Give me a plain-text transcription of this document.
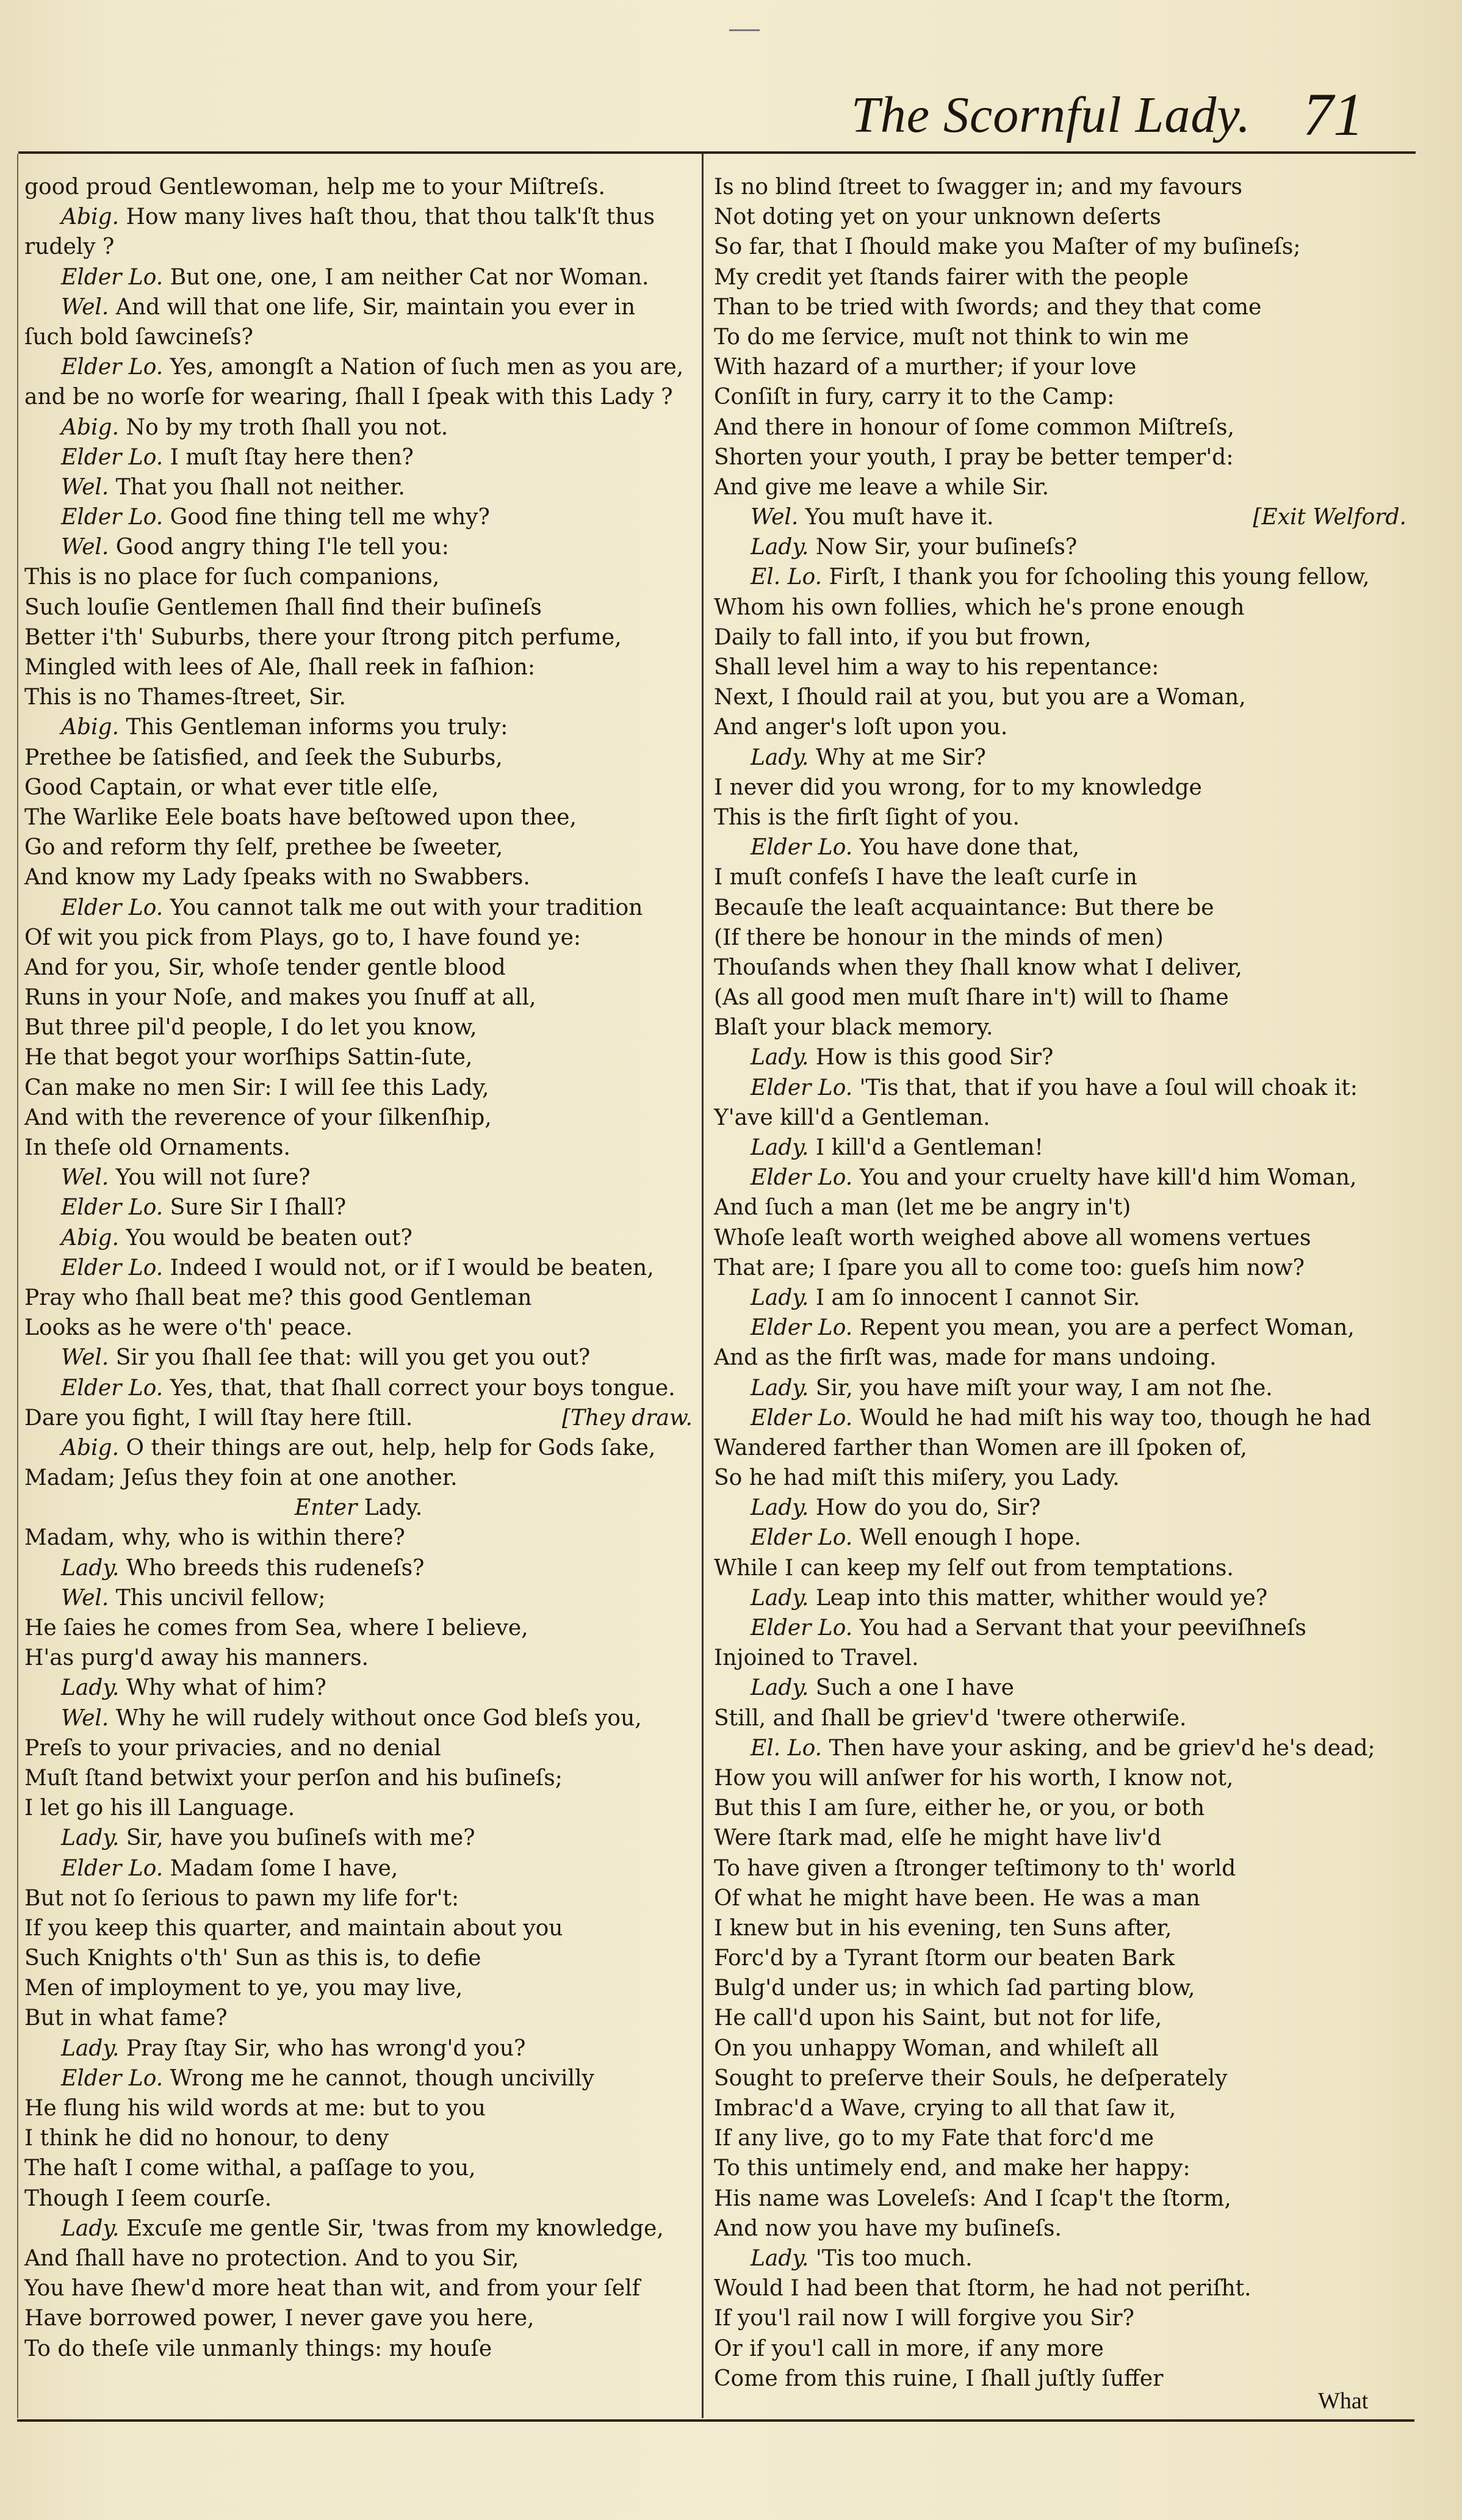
The Scornful Lady. 71
good proud Gentlewoman, help me to your Miſtreſs.
Abig. How many lives haſt thou, that thou talk'ſt thus
rudely ?
Elder Lo. But one, one, I am neither Cat nor Woman.
Wel. And will that one life, Sir, maintain you ever in
ſuch bold ſawcineſs?
Elder Lo. Yes, amongſt a Nation of ſuch men as you are,
and be no worſe for wearing, ſhall I ſpeak with this Lady ?
Abig. No by my troth ſhall you not.
Elder Lo. I muſt ſtay here then?
Wel. That you ſhall not neither.
Elder Lo. Good fine thing tell me why?
Wel. Good angry thing I'le tell you:
This is no place for ſuch companions,
Such louſie Gentlemen ſhall find their buſineſs
Better i'th' Suburbs, there your ſtrong pitch perfume,
Mingled with lees of Ale, ſhall reek in faſhion:
This is no Thames-ſtreet, Sir.
Abig. This Gentleman informs you truly:
Prethee be ſatisfied, and ſeek the Suburbs,
Good Captain, or what ever title elſe,
The Warlike Eele boats have beſtowed upon thee,
Go and reform thy ſelf, prethee be ſweeter,
And know my Lady ſpeaks with no Swabbers.
Elder Lo. You cannot talk me out with your tradition
Of wit you pick from Plays, go to, I have found ye:
And for you, Sir, whoſe tender gentle blood
Runs in your Noſe, and makes you ſnuff at all,
But three pil'd people, I do let you know,
He that begot your worſhips Sattin-ſute,
Can make no men Sir: I will ſee this Lady,
And with the reverence of your ſilkenſhip,
In theſe old Ornaments.
Wel. You will not ſure?
Elder Lo. Sure Sir I ſhall?
Abig. You would be beaten out?
Elder Lo. Indeed I would not, or if I would be beaten,
Pray who ſhall beat me? this good Gentleman
Looks as he were o'th' peace.
Wel. Sir you ſhall ſee that: will you get you out?
Elder Lo. Yes, that, that ſhall correct your boys tongue.
Dare you fight, I will ſtay here ſtill.	[They draw.
Abig. O their things are out, help, help for Gods ſake,
Madam; Jeſus they foin at one another.
Enter Lady.
Madam, why, who is within there?
Lady. Who breeds this rudeneſs?
Wel. This uncivil fellow;
He ſaies he comes from Sea, where I believe,
H'as purg'd away his manners.
Lady. Why what of him?
Wel. Why he will rudely without once God bleſs you,
Preſs to your privacies, and no denial
Muſt ſtand betwixt your perſon and his buſineſs;
I let go his ill Language.
Lady. Sir, have you buſineſs with me?
Elder Lo. Madam ſome I have,
But not ſo ſerious to pawn my life for't:
If you keep this quarter, and maintain about you
Such Knights o'th' Sun as this is, to defie
Men of imployment to ye, you may live,
But in what fame?
Lady. Pray ſtay Sir, who has wrong'd you?
Elder Lo. Wrong me he cannot, though uncivilly
He flung his wild words at me: but to you
I think he did no honour, to deny
The haſt I come withal, a paſſage to you,
Though I ſeem courſe.
Lady. Excuſe me gentle Sir, 'twas from my knowledge,
And ſhall have no protection. And to you Sir,
You have ſhew'd more heat than wit, and from your ſelf
Have borrowed power, I never gave you here,
To do theſe vile unmanly things: my houſe
Is no blind ſtreet to ſwagger in; and my favours
Not doting yet on your unknown deſerts
So far, that I ſhould make you Maſter of my buſineſs;
My credit yet ſtands fairer with the people
Than to be tried with ſwords; and they that come
To do me ſervice, muſt not think to win me
With hazard of a murther; if your love
Conſiſt in fury, carry it to the Camp:
And there in honour of ſome common Miſtreſs,
Shorten your youth, I pray be better temper'd:
And give me leave a while Sir.
Wel. You muſt have it.	[Exit Welford.
Lady. Now Sir, your buſineſs?
El. Lo. Firſt, I thank you for ſchooling this young fellow,
Whom his own follies, which he's prone enough
Daily to fall into, if you but frown,
Shall level him a way to his repentance:
Next, I ſhould rail at you, but you are a Woman,
And anger's loſt upon you.
Lady. Why at me Sir?
I never did you wrong, for to my knowledge
This is the firſt ſight of you.
Elder Lo. You have done that,
I muſt confeſs I have the leaſt curſe in
Becauſe the leaſt acquaintance: But there be
(If there be honour in the minds of men)
Thouſands when they ſhall know what I deliver,
(As all good men muſt ſhare in't) will to ſhame
Blaſt your black memory.
Lady. How is this good Sir?
Elder Lo. 'Tis that, that if you have a ſoul will choak it:
Y'ave kill'd a Gentleman.
Lady. I kill'd a Gentleman!
Elder Lo. You and your cruelty have kill'd him Woman,
And ſuch a man (let me be angry in't)
Whoſe leaſt worth weighed above all womens vertues
That are; I ſpare you all to come too: gueſs him now?
Lady. I am ſo innocent I cannot Sir.
Elder Lo. Repent you mean, you are a perfect Woman,
And as the firſt was, made for mans undoing.
Lady. Sir, you have miſt your way, I am not ſhe.
Elder Lo. Would he had miſt his way too, though he had
Wandered farther than Women are ill ſpoken of,
So he had miſt this miſery, you Lady.
Lady. How do you do, Sir?
Elder Lo. Well enough I hope.
While I can keep my ſelf out from temptations.
Lady. Leap into this matter, whither would ye?
Elder Lo. You had a Servant that your peeviſhneſs
Injoined to Travel.
Lady. Such a one I have
Still, and ſhall be griev'd 'twere otherwiſe.
El. Lo. Then have your asking, and be griev'd he's dead;
How you will anſwer for his worth, I know not,
But this I am ſure, either he, or you, or both
Were ſtark mad, elſe he might have liv'd
To have given a ſtronger teſtimony to th' world
Of what he might have been. He was a man
I knew but in his evening, ten Suns after,
Forc'd by a Tyrant ſtorm our beaten Bark
Bulg'd under us; in which ſad parting blow,
He call'd upon his Saint, but not for life,
On you unhappy Woman, and whileſt all
Sought to preſerve their Souls, he deſperately
Imbrac'd a Wave, crying to all that ſaw it,
If any live, go to my Fate that forc'd me
To this untimely end, and make her happy:
His name was Loveleſs: And I ſcap't the ſtorm,
And now you have my buſineſs.
Lady. 'Tis too much.
Would I had been that ſtorm, he had not periſht.
If you'l rail now I will forgive you Sir?
Or if you'l call in more, if any more
Come from this ruine, I ſhall juſtly ſuffer
What
